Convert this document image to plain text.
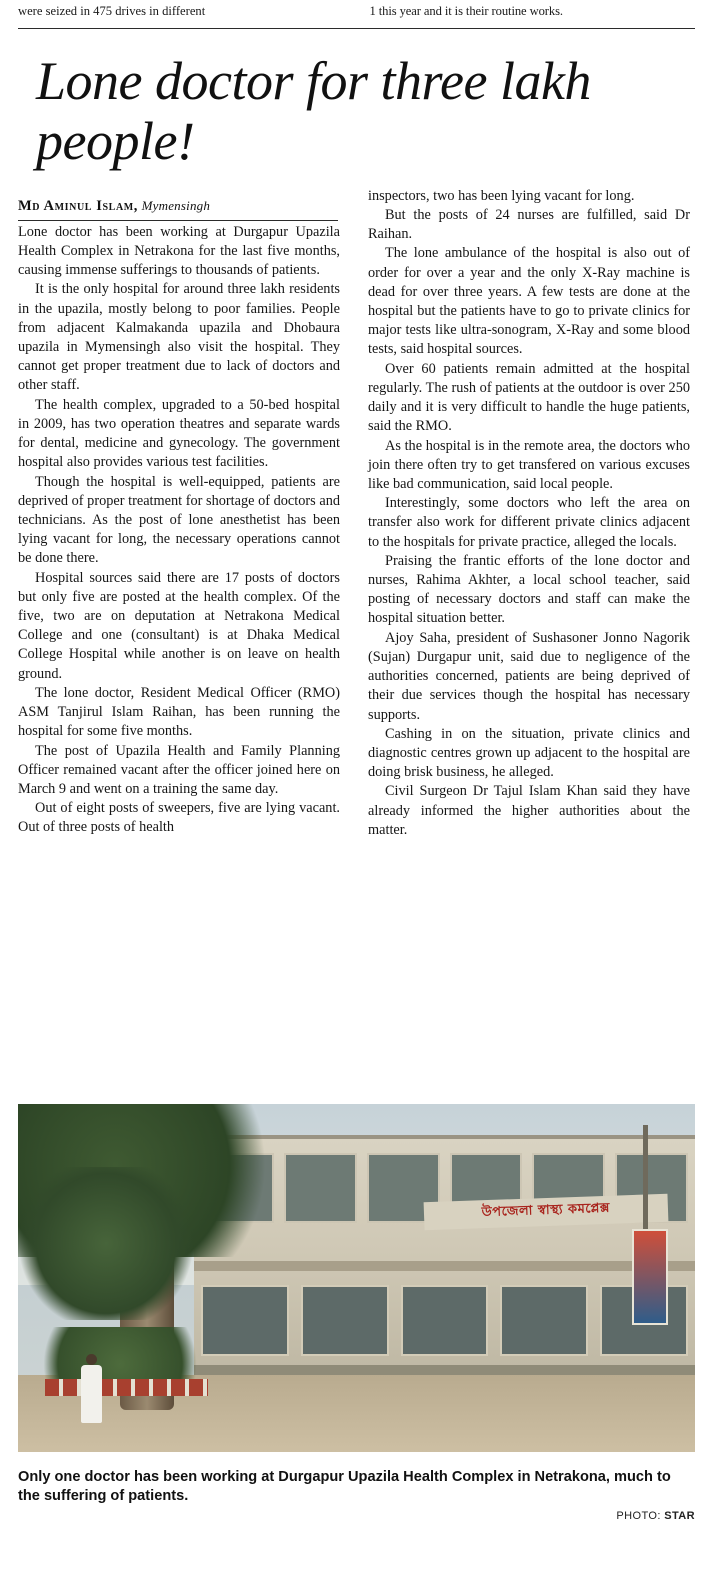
were seized in 475 drives in different	1 this year and it is their routine works.
Lone doctor for three lakh people!
Md Aminul Islam, Mymensingh

Lone doctor has been working at Durgapur Upazila Health Complex in Netrakona for the last five months, causing immense sufferings to thousands of patients.

It is the only hospital for around three lakh residents in the upazila, mostly belong to poor families. People from adjacent Kalmakanda upazila and Dhobaura upazila in Mymensingh also visit the hospital. They cannot get proper treatment due to lack of doctors and other staff.

The health complex, upgraded to a 50-bed hospital in 2009, has two operation theatres and separate wards for dental, medicine and gynecology. The government hospital also provides various test facilities.

Though the hospital is well-equipped, patients are deprived of proper treatment for shortage of doctors and technicians. As the post of lone anesthetist has been lying vacant for long, the necessary operations cannot be done there.

Hospital sources said there are 17 posts of doctors but only five are posted at the health complex. Of the five, two are on deputation at Netrakona Medical College and one (consultant) is at Dhaka Medical College Hospital while another is on leave on health ground.

The lone doctor, Resident Medical Officer (RMO) ASM Tanjirul Islam Raihan, has been running the hospital for some five months.

The post of Upazila Health and Family Planning Officer remained vacant after the officer joined here on March 9 and went on a training the same day.

Out of eight posts of sweepers, five are lying vacant. Out of three posts of health

inspectors, two has been lying vacant for long.

But the posts of 24 nurses are fulfilled, said Dr Raihan.

The lone ambulance of the hospital is also out of order for over a year and the only X-Ray machine is dead for over three years. A few tests are done at the hospital but the patients have to go to private clinics for major tests like ultra-sonogram, X-Ray and some blood tests, said hospital sources.

Over 60 patients remain admitted at the hospital regularly. The rush of patients at the outdoor is over 250 daily and it is very difficult to handle the huge patients, said the RMO.

As the hospital is in the remote area, the doctors who join there often try to get transfered on various excuses like bad communication, said local people.

Interestingly, some doctors who left the area on transfer also work for different private clinics adjacent to the hospitals for private practice, alleged the locals.

Praising the frantic efforts of the lone doctor and nurses, Rahima Akhter, a local school teacher, said posting of necessary doctors and staff can make the hospital situation better.

Ajoy Saha, president of Sushasoner Jonno Nagorik (Sujan) Durgapur unit, said due to negligence of the authorities concerned, patients are being deprived of their due services though the hospital has necessary supports.

Cashing in on the situation, private clinics and diagnostic centres grown up adjacent to the hospital are doing brisk business, he alleged.

Civil Surgeon Dr Tajul Islam Khan said they have already informed the higher authorities about the matter.

উপজেলা স্বাস্থ্য কমপ্লেক্স
Only one doctor has been working at Durgapur Upazila Health Complex in Netrakona, much to the suffering of patients.
PHOTO: STAR
